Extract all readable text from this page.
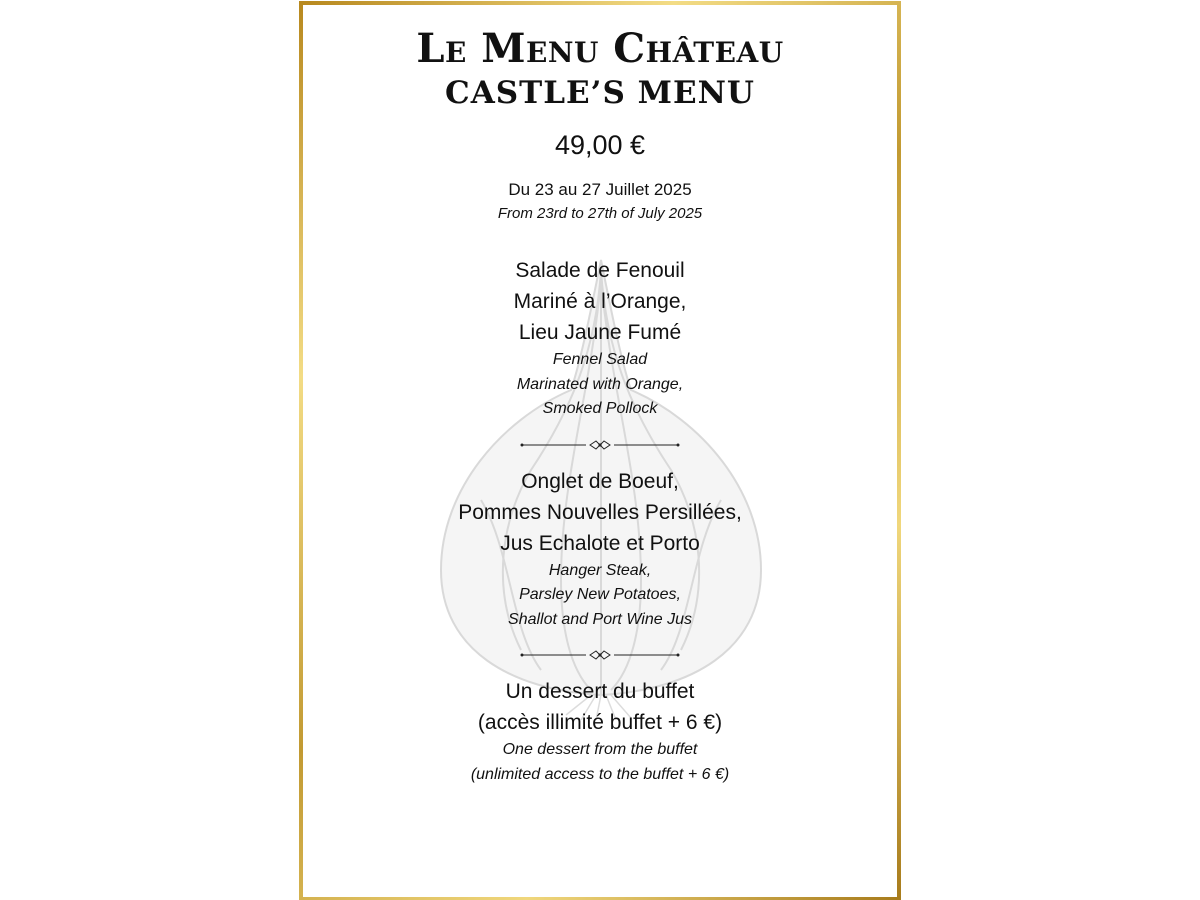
Le Menu Château
CASTLE’S MENU
49,00 €
Du 23 au 27 Juillet 2025
From 23rd to 27th of July 2025
Salade de Fenouil
Mariné à l’Orange,
Lieu Jaune Fumé
Fennel Salad
Marinated with Orange,
Smoked Pollock
Onglet de Boeuf,
Pommes Nouvelles Persillées,
Jus Echalote et Porto
Hanger Steak,
Parsley New Potatoes,
Shallot and Port Wine Jus
Un dessert du buffet
(accès illimité buffet + 6 €)
One dessert from the buffet
(unlimited access to the buffet + 6 €)
